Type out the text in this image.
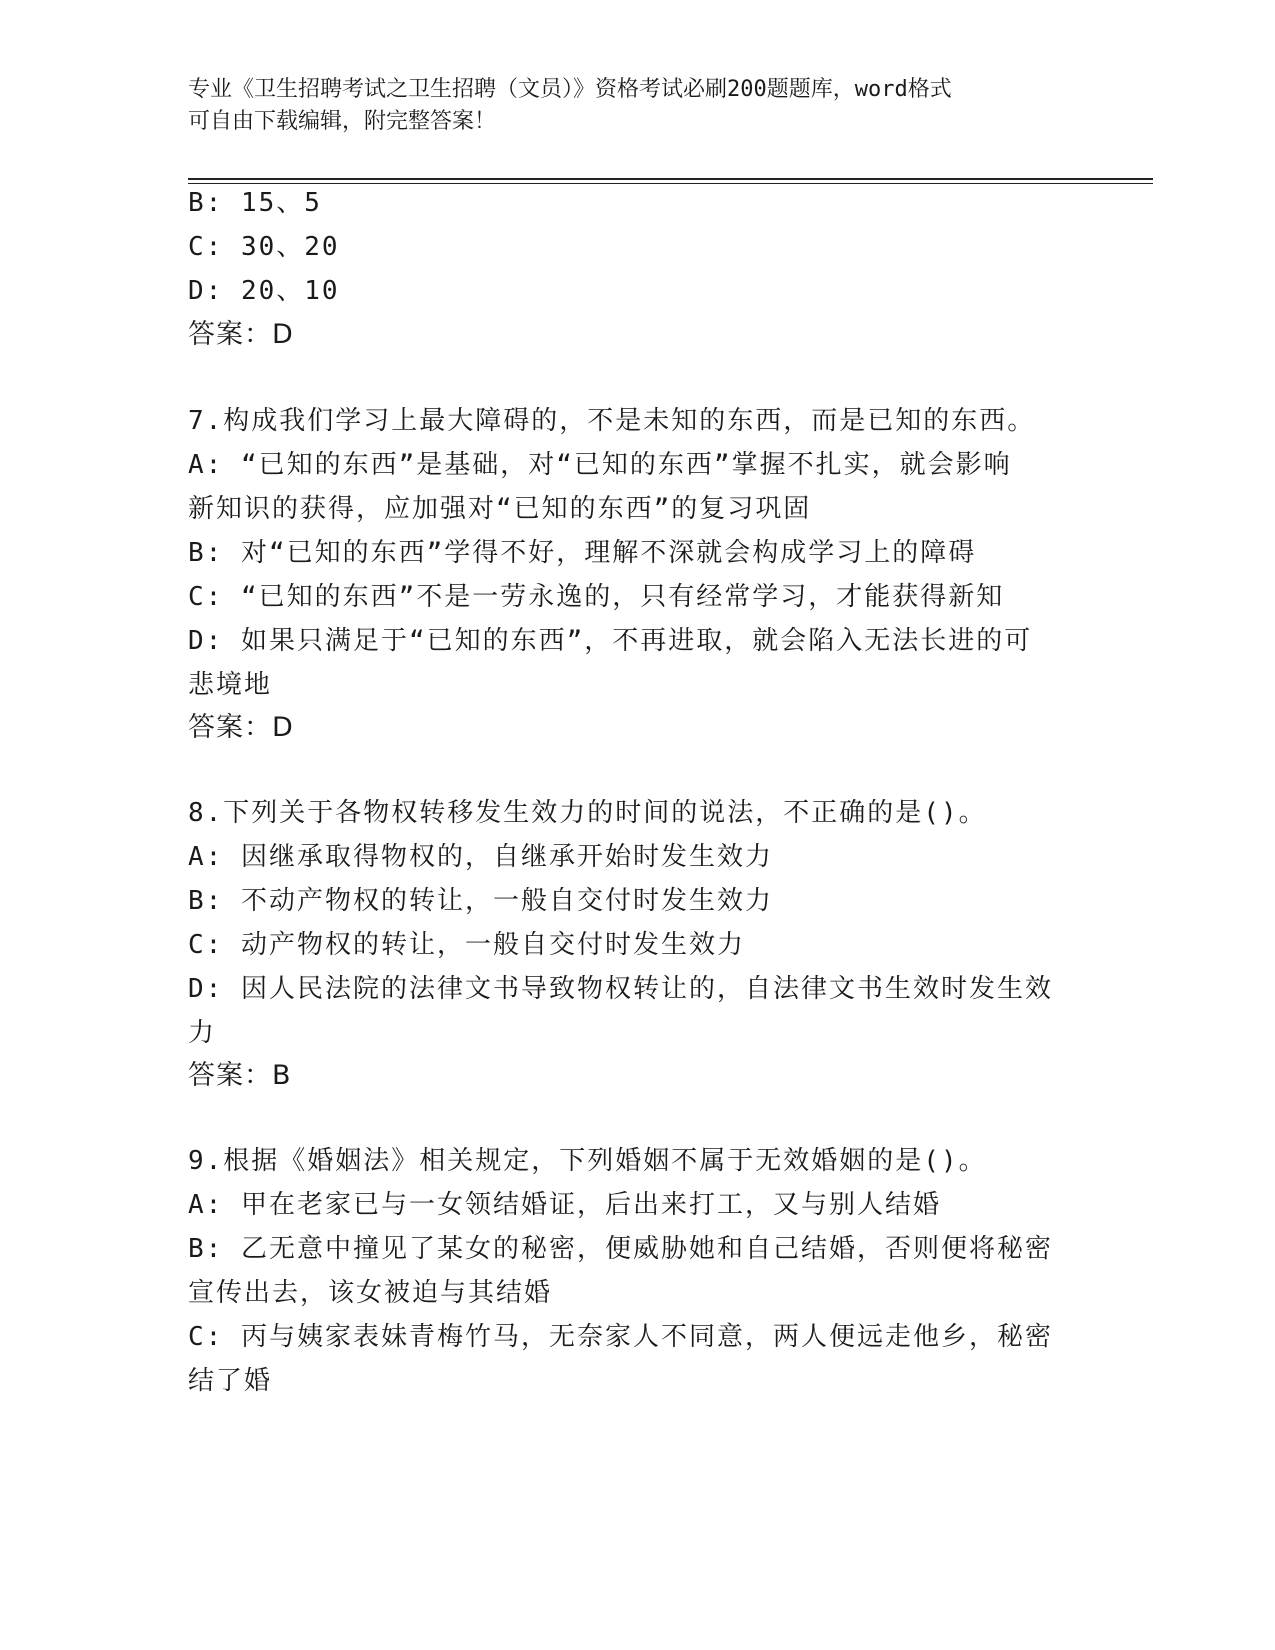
专业《卫生招聘考试之卫生招聘（文员）》资格考试必刷200题题库，word格式
可自由下载编辑，附完整答案！
B: 15、5
C: 30、20
D: 20、10
答案：D
7.构成我们学习上最大障碍的，不是未知的东西，而是已知的东西。
A: “已知的东西”是基础，对“已知的东西”掌握不扎实，就会影响
新知识的获得，应加强对“已知的东西”的复习巩固
B: 对“已知的东西”学得不好，理解不深就会构成学习上的障碍
C: “已知的东西”不是一劳永逸的，只有经常学习，才能获得新知
D: 如果只满足于“已知的东西”，不再进取，就会陷入无法长进的可
悲境地
答案：D
8.下列关于各物权转移发生效力的时间的说法，不正确的是()。
A: 因继承取得物权的，自继承开始时发生效力
B: 不动产物权的转让，一般自交付时发生效力
C: 动产物权的转让，一般自交付时发生效力
D: 因人民法院的法律文书导致物权转让的，自法律文书生效时发生效
力
答案：B
9.根据《婚姻法》相关规定，下列婚姻不属于无效婚姻的是()。
A: 甲在老家已与一女领结婚证，后出来打工，又与别人结婚
B: 乙无意中撞见了某女的秘密，便威胁她和自己结婚，否则便将秘密
宣传出去，该女被迫与其结婚
C: 丙与姨家表妹青梅竹马，无奈家人不同意，两人便远走他乡，秘密
结了婚
